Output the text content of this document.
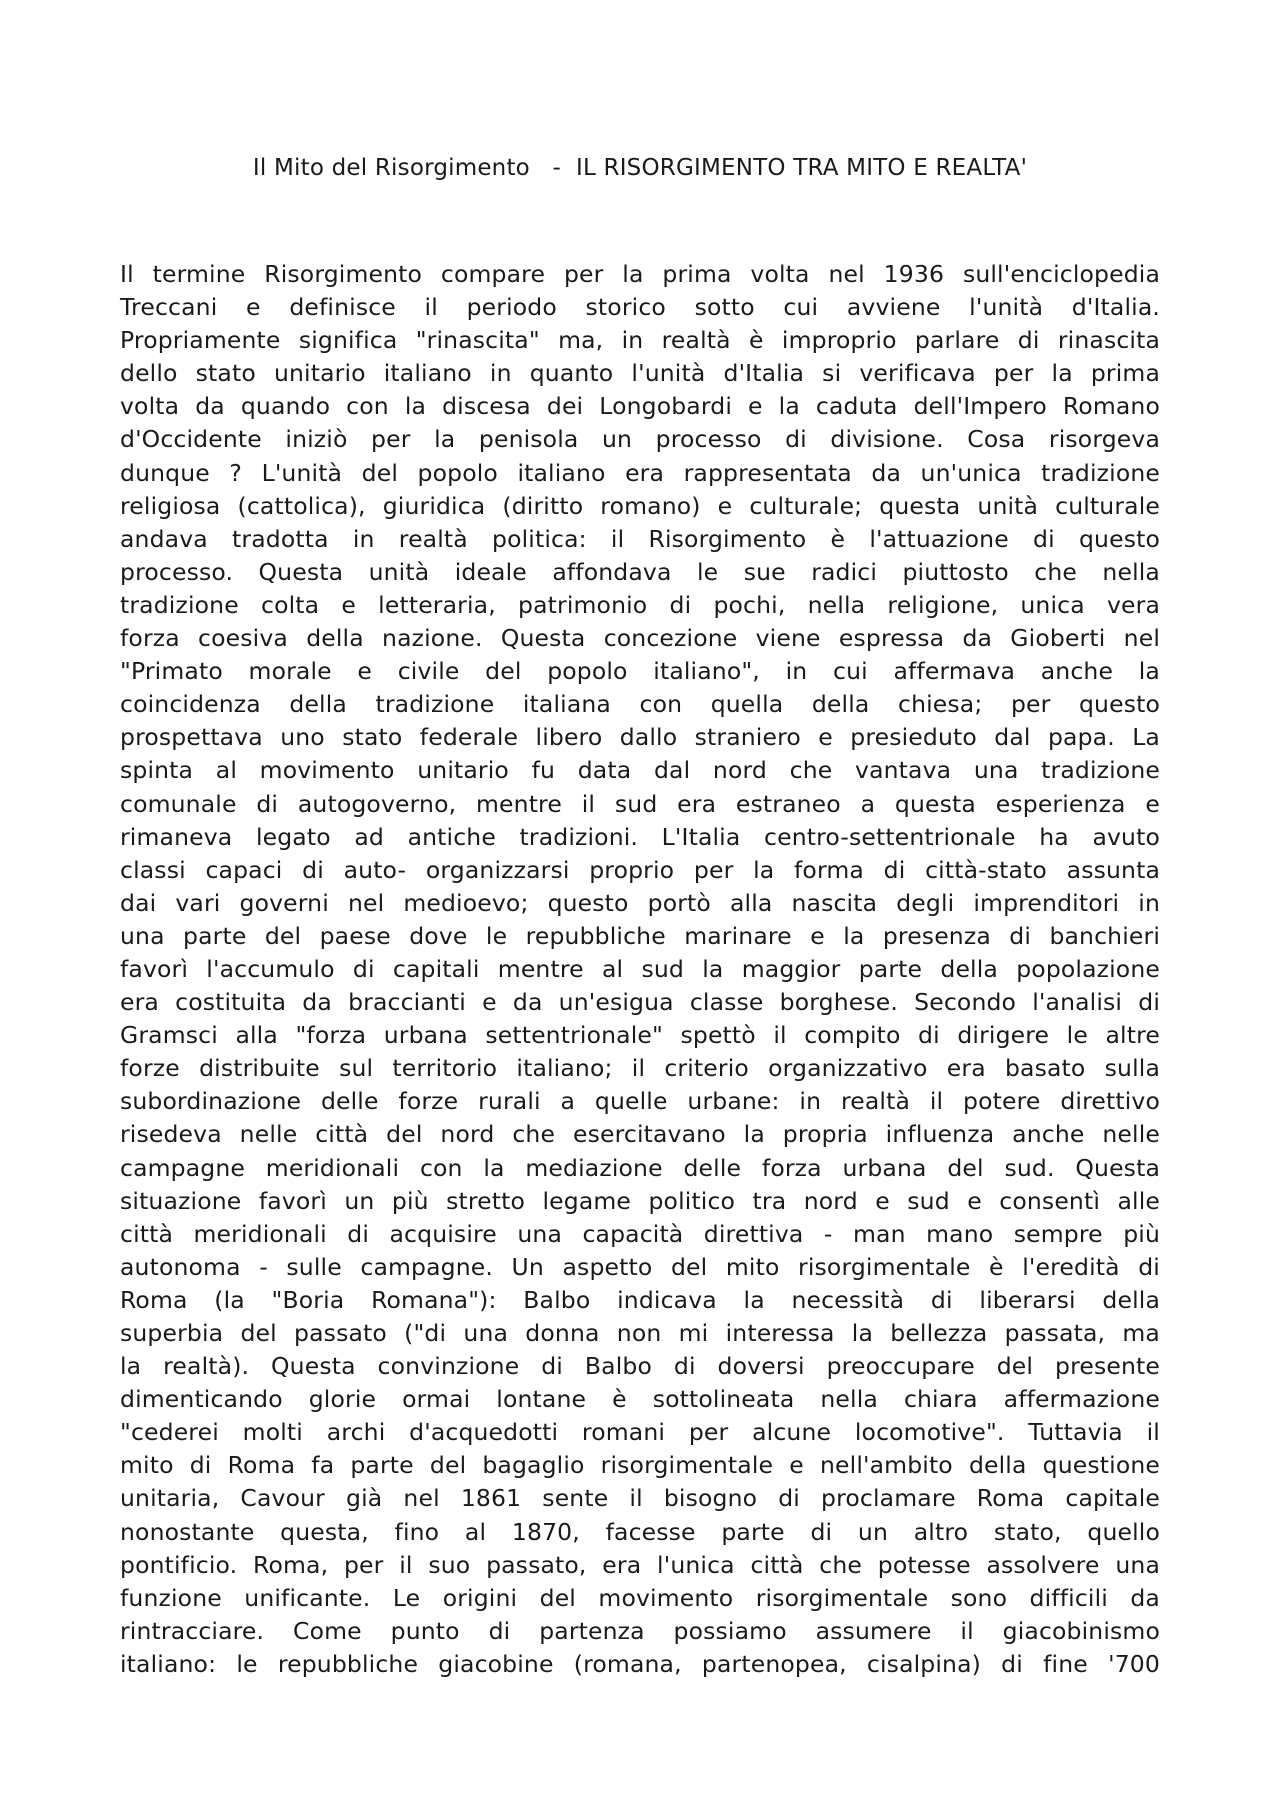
Il Mito del Risorgimento   -  IL RISORGIMENTO TRA MITO E REALTA'
Il termine Risorgimento compare per la prima volta nel 1936 sull'enciclopedia
Treccani e definisce il periodo storico sotto cui avviene l'unità d'Italia.
Propriamente significa "rinascita" ma, in realtà è improprio parlare di rinascita
dello stato unitario italiano in quanto l'unità d'Italia si verificava per la prima
volta da quando con la discesa dei Longobardi e la caduta dell'Impero Romano
d'Occidente iniziò per la penisola un processo di divisione. Cosa risorgeva
dunque ? L'unità del popolo italiano era rappresentata da un'unica tradizione
religiosa (cattolica), giuridica (diritto romano) e culturale; questa unità culturale
andava tradotta in realtà politica: il Risorgimento è l'attuazione di questo
processo. Questa unità ideale affondava le sue radici piuttosto che nella
tradizione colta e letteraria, patrimonio di pochi, nella religione, unica vera
forza coesiva della nazione. Questa concezione viene espressa da Gioberti nel
"Primato morale e civile del popolo italiano", in cui affermava anche la
coincidenza della tradizione italiana con quella della chiesa; per questo
prospettava uno stato federale libero dallo straniero e presieduto dal papa. La
spinta al movimento unitario fu data dal nord che vantava una tradizione
comunale di autogoverno, mentre il sud era estraneo a questa esperienza e
rimaneva legato ad antiche tradizioni. L'Italia centro-settentrionale ha avuto
classi capaci di auto- organizzarsi proprio per la forma di città-stato assunta
dai vari governi nel medioevo; questo portò alla nascita degli imprenditori in
una parte del paese dove le repubbliche marinare e la presenza di banchieri
favorì l'accumulo di capitali mentre al sud la maggior parte della popolazione
era costituita da braccianti e da un'esigua classe borghese. Secondo l'analisi di
Gramsci alla "forza urbana settentrionale" spettò il compito di dirigere le altre
forze distribuite sul territorio italiano; il criterio organizzativo era basato sulla
subordinazione delle forze rurali a quelle urbane: in realtà il potere direttivo
risedeva nelle città del nord che esercitavano la propria influenza anche nelle
campagne meridionali con la mediazione delle forza urbana del sud. Questa
situazione favorì un più stretto legame politico tra nord e sud e consentì alle
città meridionali di acquisire una capacità direttiva - man mano sempre più
autonoma - sulle campagne. Un aspetto del mito risorgimentale è l'eredità di
Roma (la "Boria Romana"): Balbo indicava la necessità di liberarsi della
superbia del passato ("di una donna non mi interessa la bellezza passata, ma
la realtà). Questa convinzione di Balbo di doversi preoccupare del presente
dimenticando glorie ormai lontane è sottolineata nella chiara affermazione
"cederei molti archi d'acquedotti romani per alcune locomotive". Tuttavia il
mito di Roma fa parte del bagaglio risorgimentale e nell'ambito della questione
unitaria, Cavour già nel 1861 sente il bisogno di proclamare Roma capitale
nonostante questa, fino al 1870, facesse parte di un altro stato, quello
pontificio. Roma, per il suo passato, era l'unica città che potesse assolvere una
funzione unificante. Le origini del movimento risorgimentale sono difficili da
rintracciare. Come punto di partenza possiamo assumere il giacobinismo
italiano: le repubbliche giacobine (romana, partenopea, cisalpina) di fine '700
